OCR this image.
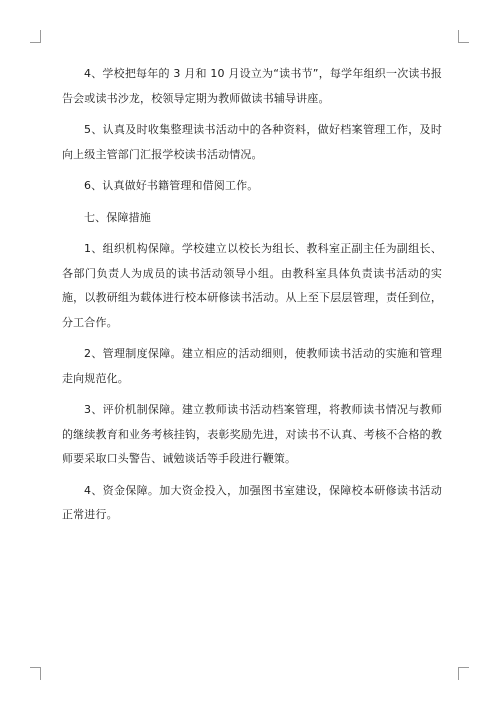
4、学校把每年的 3 月和 10 月设立为“读书节”，每学年组织一次读书报告会或读书沙龙，校领导定期为教师做读书辅导讲座。

5、认真及时收集整理读书活动中的各种资料，做好档案管理工作，及时向上级主管部门汇报学校读书活动情况。

6、认真做好书籍管理和借阅工作。

七、保障措施

1、组织机构保障。学校建立以校长为组长、教科室正副主任为副组长、各部门负责人为成员的读书活动领导小组。由教科室具体负责读书活动的实施，以教研组为载体进行校本研修读书活动。从上至下层层管理，责任到位，分工合作。

2、管理制度保障。建立相应的活动细则，使教师读书活动的实施和管理走向规范化。

3、评价机制保障。建立教师读书活动档案管理，将教师读书情况与教师的继续教育和业务考核挂钩，表彰奖励先进，对读书不认真、考核不合格的教师要采取口头警告、诫勉谈话等手段进行鞭策。

4、资金保障。加大资金投入，加强图书室建设，保障校本研修读书活动正常进行。
